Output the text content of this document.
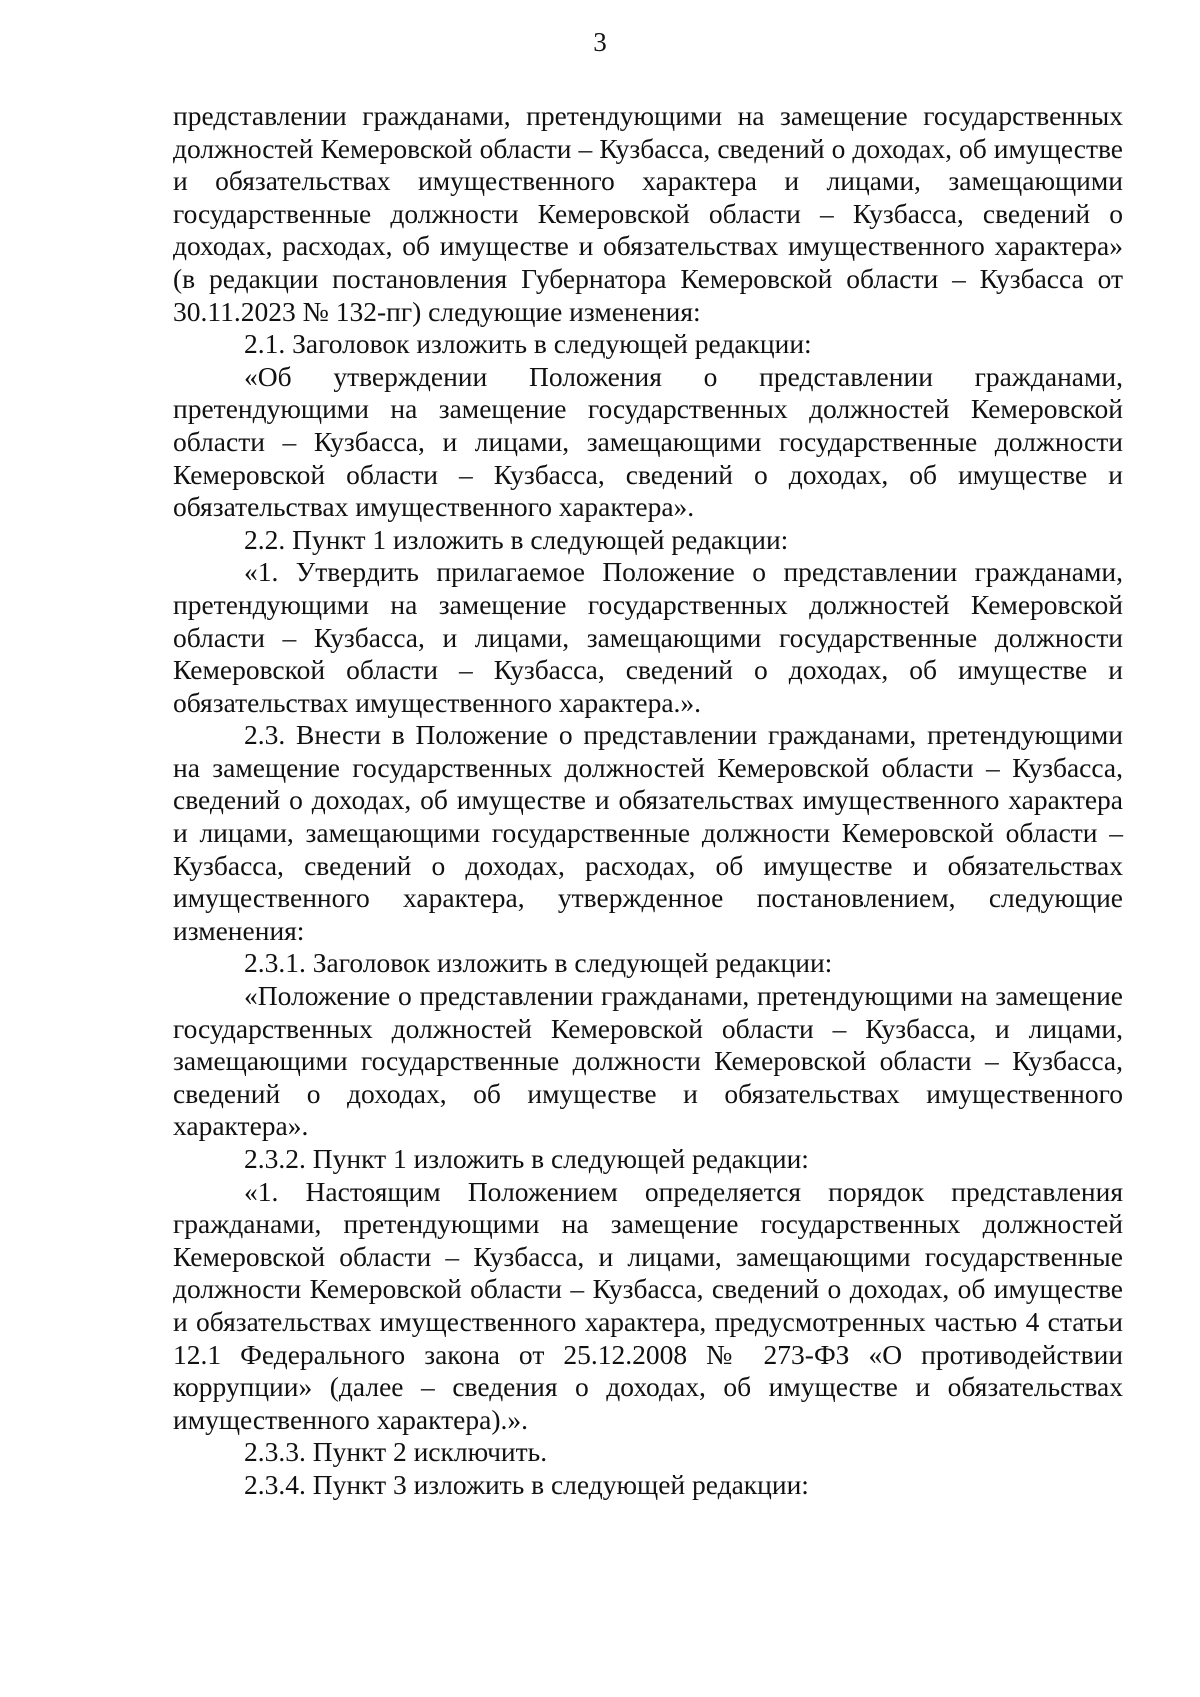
3

представлении гражданами, претендующими на замещение государственных должностей Кемеровской области – Кузбасса, сведений о доходах, об имуществе и обязательствах имущественного характера и лицами, замещающими государственные должности Кемеровской области – Кузбасса, сведений о доходах, расходах, об имуществе и обязательствах имущественного характера» (в редакции постановления Губернатора Кемеровской области – Кузбасса от 30.11.2023 № 132-пг) следующие изменения:

2.1. Заголовок изложить в следующей редакции:

«Об утверждении Положения о представлении гражданами, претендующими на замещение государственных должностей Кемеровской области – Кузбасса, и лицами, замещающими государственные должности Кемеровской области – Кузбасса, сведений о доходах, об имуществе и обязательствах имущественного характера».

2.2. Пункт 1 изложить в следующей редакции:

«1. Утвердить прилагаемое Положение о представлении гражданами, претендующими на замещение государственных должностей Кемеровской области – Кузбасса, и лицами, замещающими государственные должности Кемеровской области – Кузбасса, сведений о доходах, об имуществе и обязательствах имущественного характера.».

2.3. Внести в Положение о представлении гражданами, претендующими на замещение государственных должностей Кемеровской области – Кузбасса, сведений о доходах, об имуществе и обязательствах имущественного характера и лицами, замещающими государственные должности Кемеровской области – Кузбасса, сведений о доходах, расходах, об имуществе и обязательствах имущественного характера, утвержденное постановлением, следующие изменения:

2.3.1. Заголовок изложить в следующей редакции:

«Положение о представлении гражданами, претендующими на замещение государственных должностей Кемеровской области – Кузбасса, и лицами, замещающими государственные должности Кемеровской области – Кузбасса, сведений о доходах, об имуществе и обязательствах имущественного характера».

2.3.2. Пункт 1 изложить в следующей редакции:

«1. Настоящим Положением определяется порядок представления гражданами, претендующими на замещение государственных должностей Кемеровской области – Кузбасса, и лицами, замещающими государственные должности Кемеровской области – Кузбасса, сведений о доходах, об имуществе и обязательствах имущественного характера, предусмотренных частью 4 статьи 12.1 Федерального закона от 25.12.2008 № 273-ФЗ «О противодействии коррупции» (далее – сведения о доходах, об имуществе и обязательствах имущественного характера).».

2.3.3. Пункт 2 исключить.

2.3.4. Пункт 3 изложить в следующей редакции:
